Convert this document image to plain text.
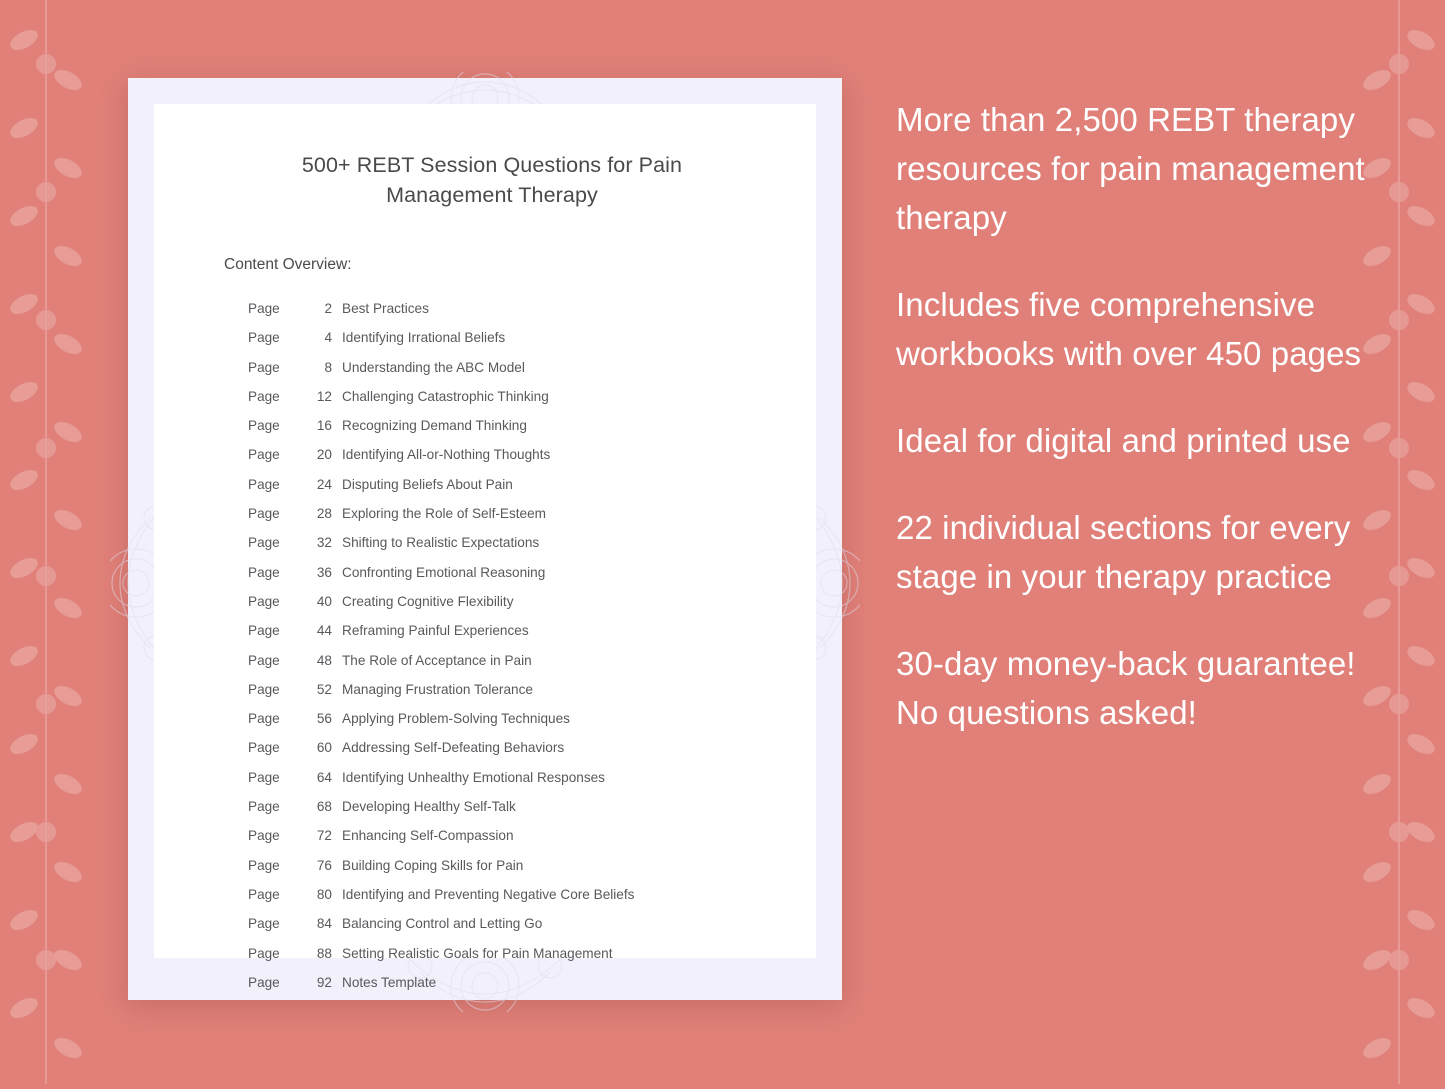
500+ REBT Session Questions for Pain Management Therapy
Content Overview:
Page	2 Best Practices
Page	4 Identifying Irrational Beliefs
Page	8 Understanding the ABC Model
Page	12 Challenging Catastrophic Thinking
Page	16 Recognizing Demand Thinking
Page	20 Identifying All-or-Nothing Thoughts
Page	24 Disputing Beliefs About Pain
Page	28 Exploring the Role of Self-Esteem
Page	32 Shifting to Realistic Expectations
Page	36 Confronting Emotional Reasoning
Page	40 Creating Cognitive Flexibility
Page	44 Reframing Painful Experiences
Page	48 The Role of Acceptance in Pain
Page	52 Managing Frustration Tolerance
Page	56 Applying Problem-Solving Techniques
Page	60 Addressing Self-Defeating Behaviors
Page	64 Identifying Unhealthy Emotional Responses
Page	68 Developing Healthy Self-Talk
Page	72 Enhancing Self-Compassion
Page	76 Building Coping Skills for Pain
Page	80 Identifying and Preventing Negative Core Beliefs
Page	84 Balancing Control and Letting Go
Page	88 Setting Realistic Goals for Pain Management
Page	92 Notes Template

More than 2,500 REBT therapy resources for pain management therapy

Includes five comprehensive workbooks with over 450 pages

Ideal for digital and printed use

22 individual sections for every stage in your therapy practice

30-day money-back guarantee! No questions asked!
